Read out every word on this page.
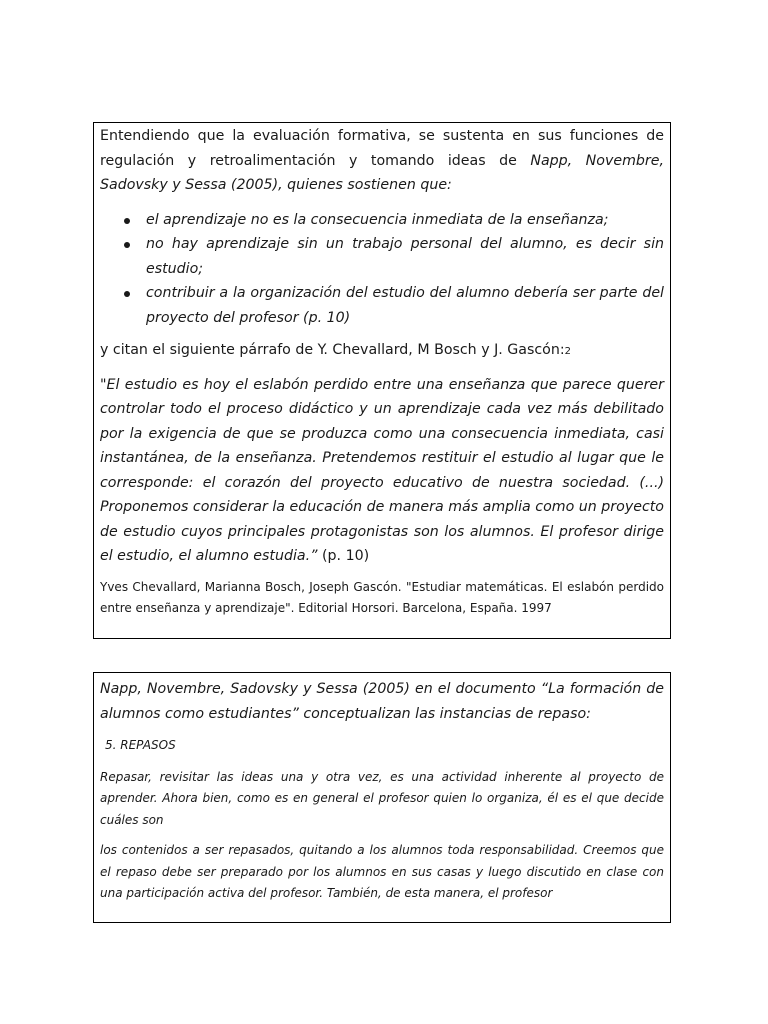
Entendiendo que la evaluación formativa, se sustenta en sus funciones de regulación y retroalimentación y tomando ideas de Napp, Novembre, Sadovsky y Sessa (2005), quienes sostienen que:

el aprendizaje no es la consecuencia inmediata de la enseñanza;
no hay aprendizaje sin un trabajo personal del alumno, es decir sin estudio;
contribuir a la organización del estudio del alumno debería ser parte del proyecto del profesor (p. 10)

y citan el siguiente párrafo de Y. Chevallard, M Bosch y J. Gascón:2

"El estudio es hoy el eslabón perdido entre una enseñanza que parece querer controlar todo el proceso didáctico y un aprendizaje cada vez más debilitado por la exigencia de que se produzca como una consecuencia inmediata, casi instantánea, de la enseñanza. Pretendemos restituir el estudio al lugar que le corresponde: el corazón del proyecto educativo de nuestra sociedad. (...) Proponemos considerar la educación de manera más amplia como un proyecto de estudio cuyos principales protagonistas son los alumnos. El profesor dirige el estudio, el alumno estudia.” (p. 10)

Yves Chevallard, Marianna Bosch, Joseph Gascón. "Estudiar matemáticas. El eslabón perdido entre enseñanza y aprendizaje". Editorial Horsori. Barcelona, España. 1997

Napp, Novembre, Sadovsky y Sessa (2005) en el documento “La formación de alumnos como estudiantes” conceptualizan las instancias de repaso:

5. REPASOS

Repasar, revisitar las ideas una y otra vez, es una actividad inherente al proyecto de aprender. Ahora bien, como es en general el profesor quien lo organiza, él es el que decide cuáles son

los contenidos a ser repasados, quitando a los alumnos toda responsabilidad. Creemos que el repaso debe ser preparado por los alumnos en sus casas y luego discutido en clase con una participación activa del profesor. También, de esta manera, el profesor
